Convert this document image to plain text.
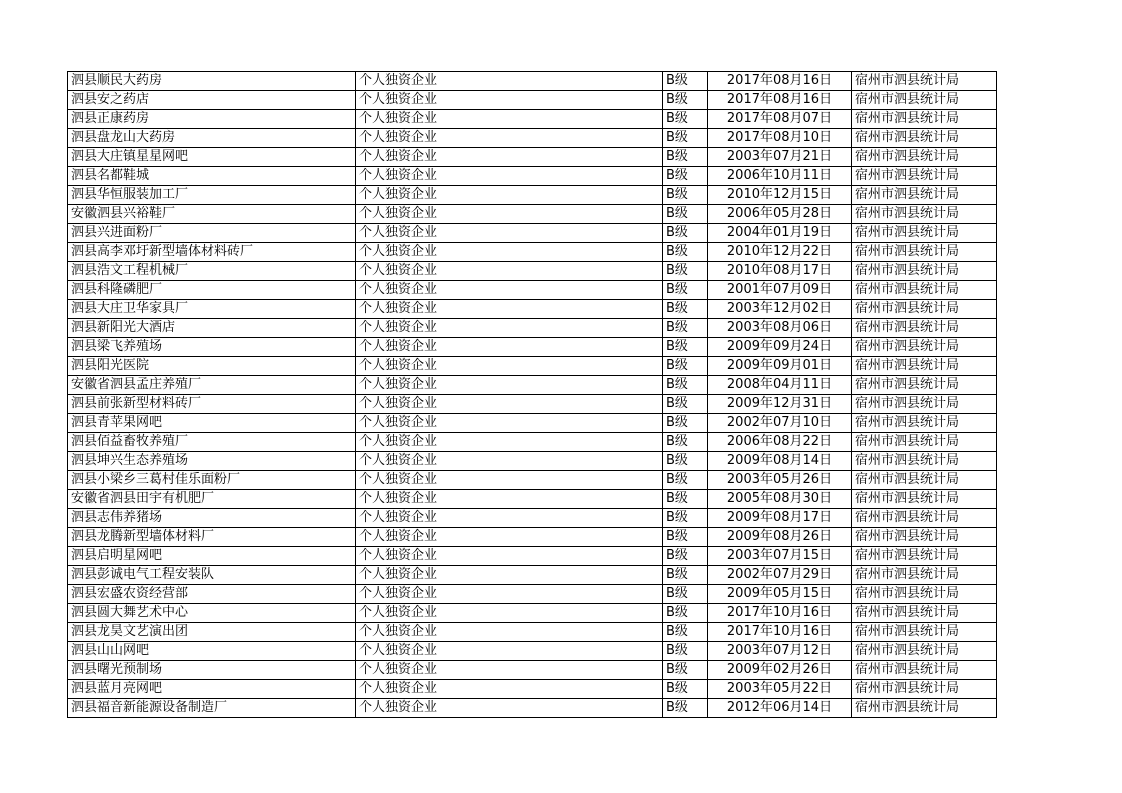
泗县顺民大药房	个人独资企业	B级	2017年08月16日	宿州市泗县统计局
泗县安之药店	个人独资企业	B级	2017年08月16日	宿州市泗县统计局
泗县正康药房	个人独资企业	B级	2017年08月07日	宿州市泗县统计局
泗县盘龙山大药房	个人独资企业	B级	2017年08月10日	宿州市泗县统计局
泗县大庄镇星星网吧	个人独资企业	B级	2003年07月21日	宿州市泗县统计局
泗县名都鞋城	个人独资企业	B级	2006年10月11日	宿州市泗县统计局
泗县华恒服装加工厂	个人独资企业	B级	2010年12月15日	宿州市泗县统计局
安徽泗县兴裕鞋厂	个人独资企业	B级	2006年05月28日	宿州市泗县统计局
泗县兴进面粉厂	个人独资企业	B级	2004年01月19日	宿州市泗县统计局
泗县高李邓圩新型墙体材料砖厂	个人独资企业	B级	2010年12月22日	宿州市泗县统计局
泗县浩文工程机械厂	个人独资企业	B级	2010年08月17日	宿州市泗县统计局
泗县科隆磷肥厂	个人独资企业	B级	2001年07月09日	宿州市泗县统计局
泗县大庄卫华家具厂	个人独资企业	B级	2003年12月02日	宿州市泗县统计局
泗县新阳光大酒店	个人独资企业	B级	2003年08月06日	宿州市泗县统计局
泗县梁飞养殖场	个人独资企业	B级	2009年09月24日	宿州市泗县统计局
泗县阳光医院	个人独资企业	B级	2009年09月01日	宿州市泗县统计局
安徽省泗县孟庄养殖厂	个人独资企业	B级	2008年04月11日	宿州市泗县统计局
泗县前张新型材料砖厂	个人独资企业	B级	2009年12月31日	宿州市泗县统计局
泗县青苹果网吧	个人独资企业	B级	2002年07月10日	宿州市泗县统计局
泗县佰益畜牧养殖厂	个人独资企业	B级	2006年08月22日	宿州市泗县统计局
泗县坤兴生态养殖场	个人独资企业	B级	2009年08月14日	宿州市泗县统计局
泗县小梁乡三葛村佳乐面粉厂	个人独资企业	B级	2003年05月26日	宿州市泗县统计局
安徽省泗县田宇有机肥厂	个人独资企业	B级	2005年08月30日	宿州市泗县统计局
泗县志伟养猪场	个人独资企业	B级	2009年08月17日	宿州市泗县统计局
泗县龙腾新型墙体材料厂	个人独资企业	B级	2009年08月26日	宿州市泗县统计局
泗县启明星网吧	个人独资企业	B级	2003年07月15日	宿州市泗县统计局
泗县彭诚电气工程安装队	个人独资企业	B级	2002年07月29日	宿州市泗县统计局
泗县宏盛农资经营部	个人独资企业	B级	2009年05月15日	宿州市泗县统计局
泗县圆大舞艺术中心	个人独资企业	B级	2017年10月16日	宿州市泗县统计局
泗县龙昊文艺演出团	个人独资企业	B级	2017年10月16日	宿州市泗县统计局
泗县山山网吧	个人独资企业	B级	2003年07月12日	宿州市泗县统计局
泗县曙光预制场	个人独资企业	B级	2009年02月26日	宿州市泗县统计局
泗县蓝月亮网吧	个人独资企业	B级	2003年05月22日	宿州市泗县统计局
泗县福音新能源设备制造厂	个人独资企业	B级	2012年06月14日	宿州市泗县统计局
